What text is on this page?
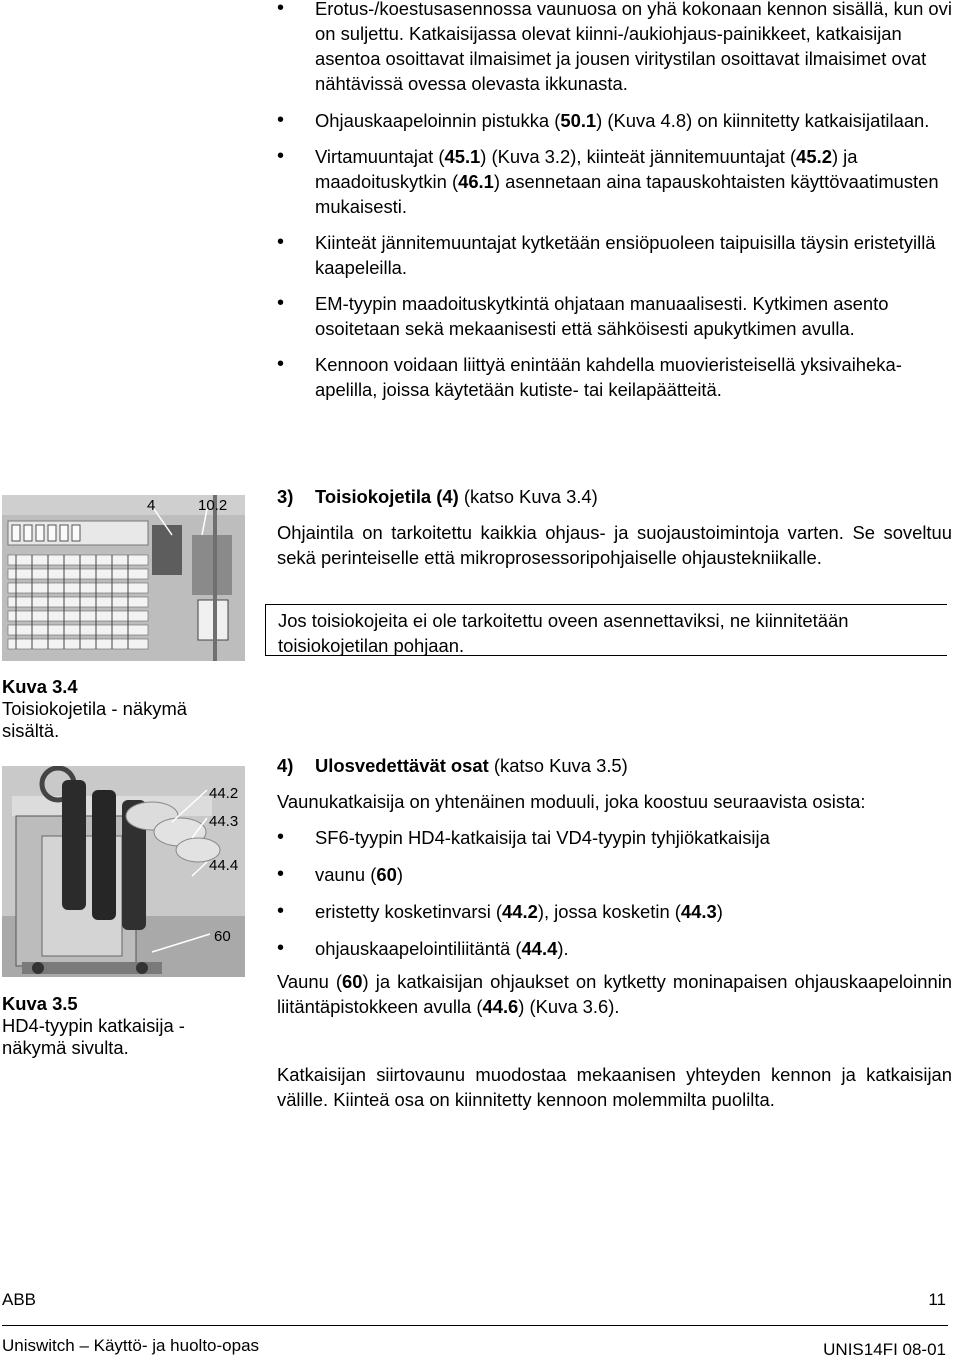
• Erotus-/koestusasennossa vaunuosa on yhä kokonaan kennon sisällä, kun ovi on suljettu. Katkaisijassa olevat kiinni-/aukiohjaus-painikkeet, katkaisijan asentoa osoittavat ilmaisimet ja jousen viritystilan osoittavat ilmaisimet ovat nähtävissä ovessa olevasta ikkunasta.
• Ohjauskaapeloinnin pistukka (50.1) (Kuva 4.8) on kiinnitetty katkaisijatilaan.
• Virtamuuntajat (45.1) (Kuva 3.2), kiinteät jännitemuuntajat (45.2) ja maadoituskytkin (46.1) asennetaan aina tapauskohtaisten käyttövaatimusten mukaisesti.
• Kiinteät jännitemuuntajat kytketään ensiöpuoleen taipuisilla täysin eristetyillä kaapeleilla.
• EM-tyypin maadoituskytkintä ohjataan manuaalisesti. Kytkimen asento osoitetaan sekä mekaanisesti että sähköisesti apukytkimen avulla.
• Kennoon voidaan liittyä enintään kahdella muovieristeisellä yksivaihekaapelilla, joissa käytetään kutiste- tai keilapäätteitä.

3) Toisiokojetila (4) (katso Kuva 3.4)

Ohjaintila on tarkoitettu kaikkia ohjaus- ja suojaustoimintoja varten. Se soveltuu sekä perinteiselle että mikroprosessoripohjaiselle ohjaustekniikalle.

Jos toisiokojeita ei ole tarkoitettu oveen asennettaviksi, ne kiinnitetään toisiokojetilan pohjaan.

4) Ulosvedettävät osat (katso Kuva 3.5)

Vaunukatkaisija on yhtenäinen moduuli, joka koostuu seuraavista osista:

• SF6-tyypin HD4-katkaisija tai VD4-tyypin tyhjiökatkaisija
• vaunu (60)
• eristetty kosketinvarsi (44.2), jossa kosketin (44.3)
• ohjauskaapelointiliitäntä (44.4).

Vaunu (60) ja katkaisijan ohjaukset on kytketty moninapaisen ohjauskaapeloinnin liitäntäpistokkeen avulla (44.6) (Kuva 3.6).

Katkaisijan siirtovaunu muodostaa mekaanisen yhteyden kennon ja katkaisijan välille. Kiinteä osa on kiinnitetty kennoon molemmilta puolilta.

4	10.2
Kuva 3.4
Toisiokojetila - näkymä sisältä.
44.2
44.3
44.4
60
Kuva 3.5
HD4-tyypin katkaisija - näkymä sivulta.
ABB	11
Uniswitch – Käyttö- ja huolto-opas	UNIS14FI 08-01
